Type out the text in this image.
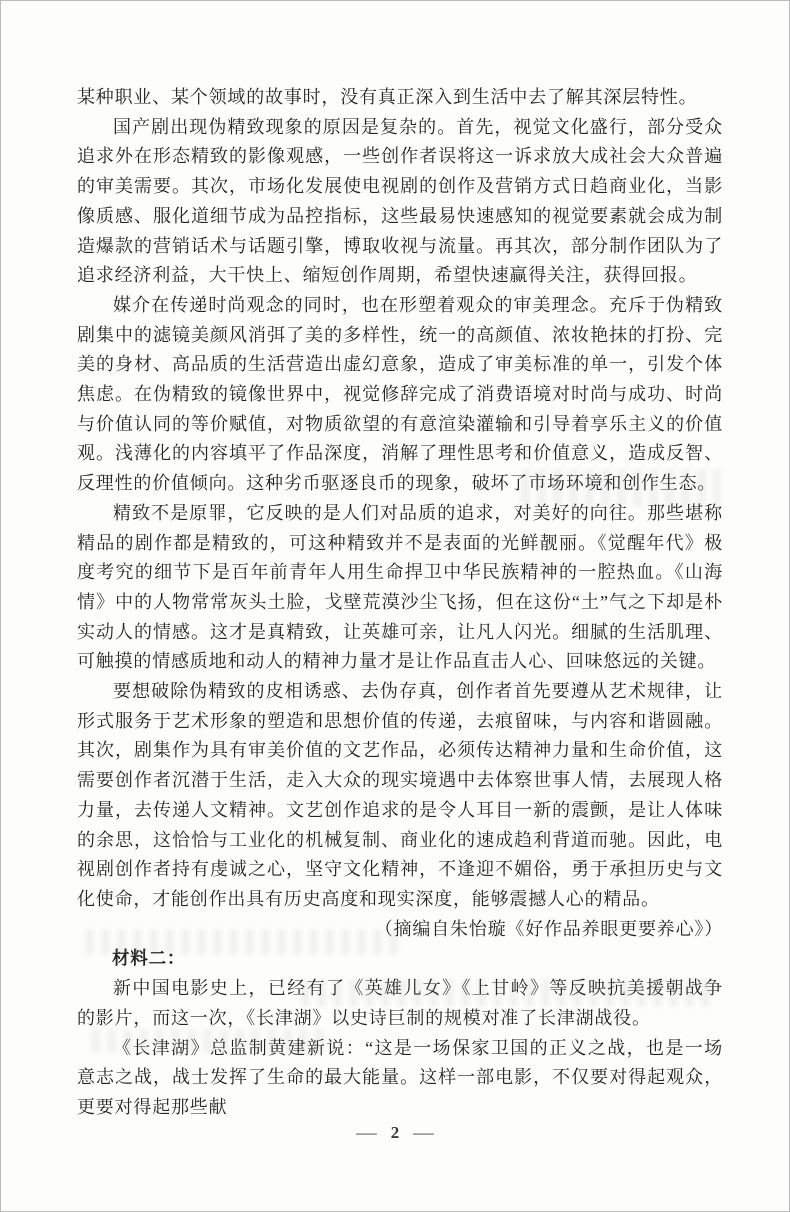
某种职业、某个领域的故事时，没有真正深入到生活中去了解其深层特性。

国产剧出现伪精致现象的原因是复杂的。首先，视觉文化盛行，部分受众追求外在形态精致的影像观感，一些创作者误将这一诉求放大成社会大众普遍的审美需要。其次，市场化发展使电视剧的创作及营销方式日趋商业化，当影像质感、服化道细节成为品控指标，这些最易快速感知的视觉要素就会成为制造爆款的营销话术与话题引擎，博取收视与流量。再其次，部分制作团队为了追求经济利益，大干快上、缩短创作周期，希望快速赢得关注，获得回报。

媒介在传递时尚观念的同时，也在形塑着观众的审美理念。充斥于伪精致剧集中的滤镜美颜风消弭了美的多样性，统一的高颜值、浓妆艳抹的打扮、完美的身材、高品质的生活营造出虚幻意象，造成了审美标准的单一，引发个体焦虑。在伪精致的镜像世界中，视觉修辞完成了消费语境对时尚与成功、时尚与价值认同的等价赋值，对物质欲望的有意渲染灌输和引导着享乐主义的价值观。浅薄化的内容填平了作品深度，消解了理性思考和价值意义，造成反智、反理性的价值倾向。这种劣币驱逐良币的现象，破坏了市场环境和创作生态。

精致不是原罪，它反映的是人们对品质的追求，对美好的向往。那些堪称精品的剧作都是精致的，可这种精致并不是表面的光鲜靓丽。《觉醒年代》极度考究的细节下是百年前青年人用生命捍卫中华民族精神的一腔热血。《山海情》中的人物常常灰头土脸，戈壁荒漠沙尘飞扬，但在这份“土”气之下却是朴实动人的情感。这才是真精致，让英雄可亲，让凡人闪光。细腻的生活肌理、可触摸的情感质地和动人的精神力量才是让作品直击人心、回味悠远的关键。

要想破除伪精致的皮相诱惑、去伪存真，创作者首先要遵从艺术规律，让形式服务于艺术形象的塑造和思想价值的传递，去痕留味，与内容和谐圆融。其次，剧集作为具有审美价值的文艺作品，必须传达精神力量和生命价值，这需要创作者沉潜于生活，走入大众的现实境遇中去体察世事人情，去展现人格力量，去传递人文精神。文艺创作追求的是令人耳目一新的震颤，是让人体味的余思，这恰恰与工业化的机械复制、商业化的速成趋利背道而驰。因此，电视剧创作者持有虔诚之心，坚守文化精神，不逢迎不媚俗，勇于承担历史与文化使命，才能创作出具有历史高度和现实深度，能够震撼人心的精品。

（摘编自朱怡璇《好作品养眼更要养心》）

材料二：

新中国电影史上，已经有了《英雄儿女》《上甘岭》等反映抗美援朝战争的影片，而这一次，《长津湖》以史诗巨制的规模对准了长津湖战役。

《长津湖》总监制黄建新说：“这是一场保家卫国的正义之战，也是一场意志之战，战士发挥了生命的最大能量。这样一部电影，不仅要对得起观众，更要对得起那些献

— 2 —
